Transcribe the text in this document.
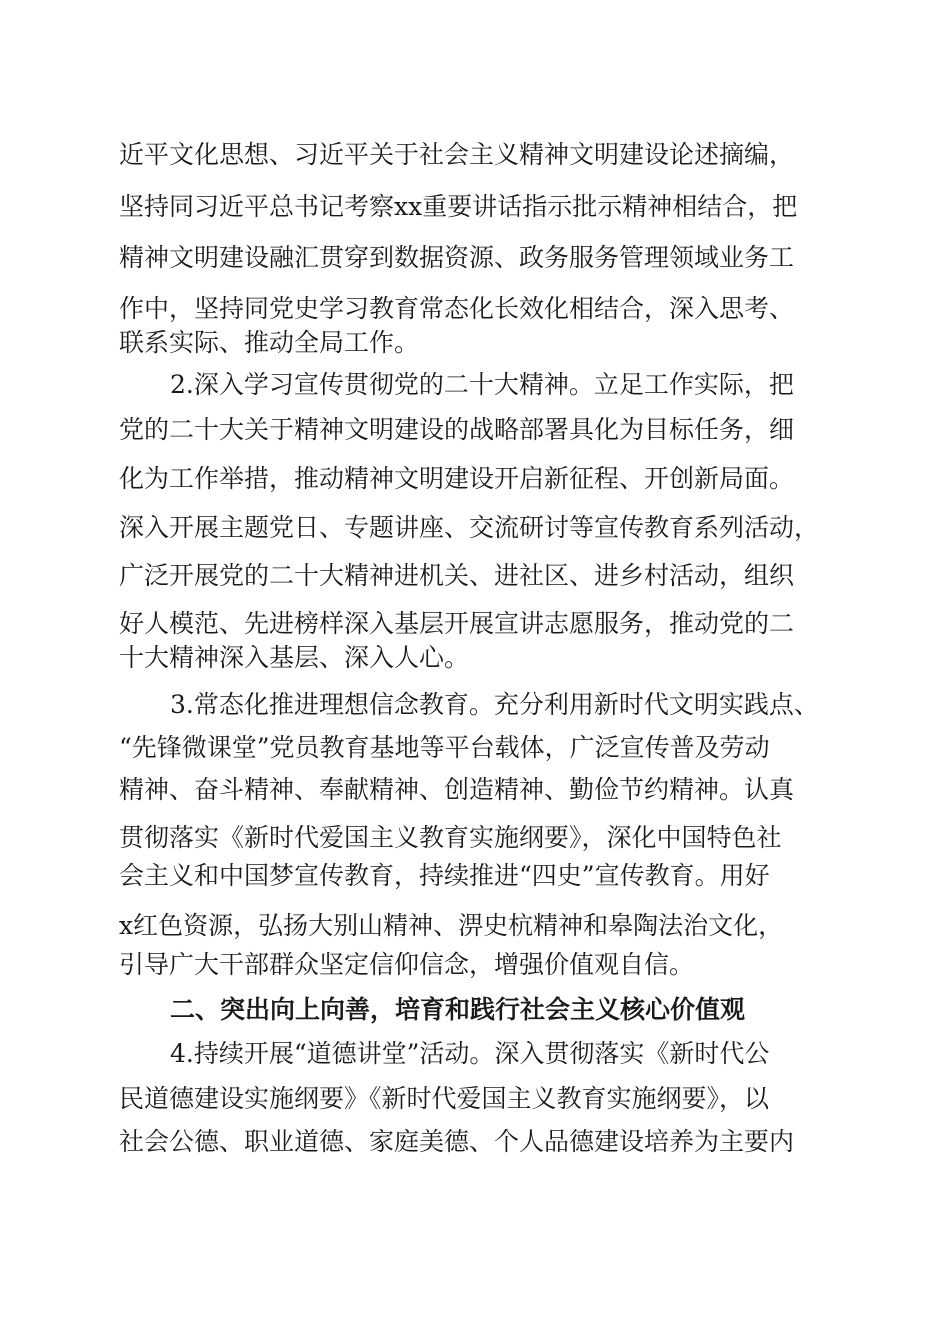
近平文化思想、习近平关于社会主义精神文明建设论述摘编，
坚持同习近平总书记考察xx重要讲话指示批示精神相结合，把
精神文明建设融汇贯穿到数据资源、政务服务管理领域业务工
作中，坚持同党史学习教育常态化长效化相结合，深入思考、
联系实际、推动全局工作。
2.深入学习宣传贯彻党的二十大精神。立足工作实际，把
党的二十大关于精神文明建设的战略部署具化为目标任务，细
化为工作举措，推动精神文明建设开启新征程、开创新局面。
深入开展主题党日、专题讲座、交流研讨等宣传教育系列活动，
广泛开展党的二十大精神进机关、进社区、进乡村活动，组织
好人模范、先进榜样深入基层开展宣讲志愿服务，推动党的二
十大精神深入基层、深入人心。
3.常态化推进理想信念教育。充分利用新时代文明实践点、
“先锋微课堂”党员教育基地等平台载体，广泛宣传普及劳动
精神、奋斗精神、奉献精神、创造精神、勤俭节约精神。认真
贯彻落实《新时代爱国主义教育实施纲要》，深化中国特色社
会主义和中国梦宣传教育，持续推进“四史”宣传教育。用好
x红色资源，弘扬大别山精神、淠史杭精神和皋陶法治文化，
引导广大干部群众坚定信仰信念，增强价值观自信。
二、突出向上向善，培育和践行社会主义核心价值观
4.持续开展“道德讲堂”活动。深入贯彻落实《新时代公
民道德建设实施纲要》《新时代爱国主义教育实施纲要》，以
社会公德、职业道德、家庭美德、个人品德建设培养为主要内
